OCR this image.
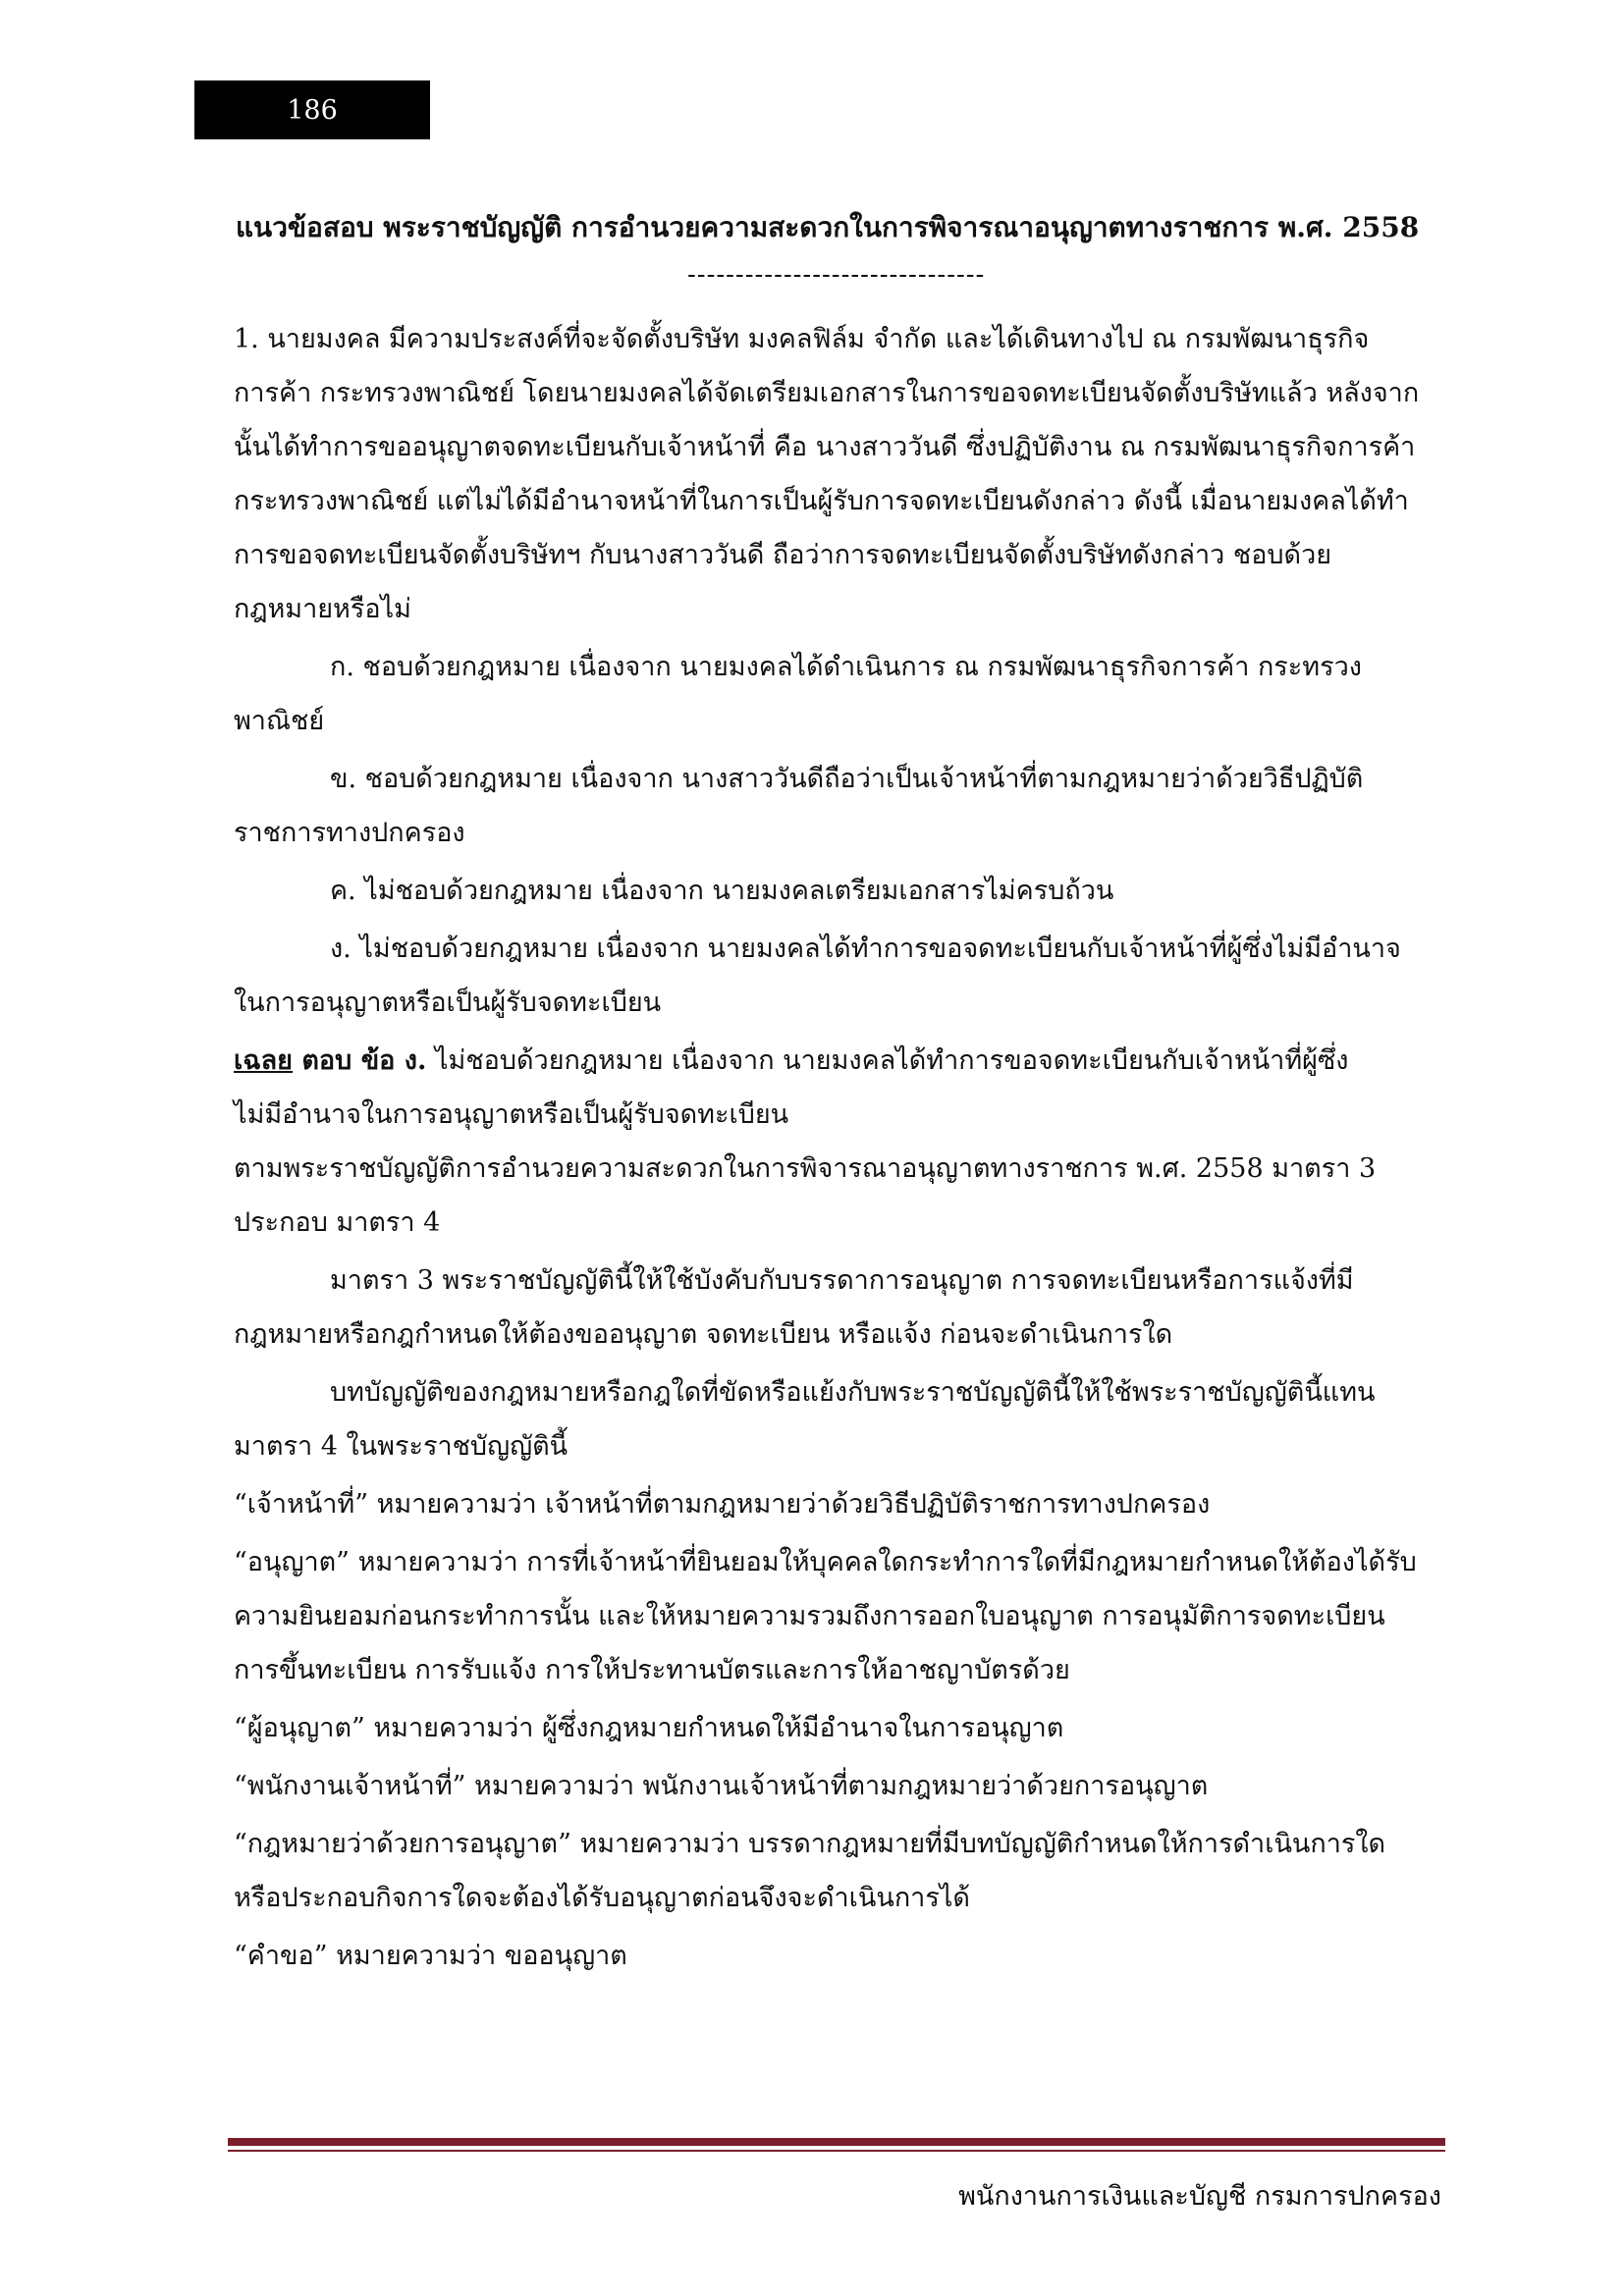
186
แนวข้อสอบ พระราชบัญญัติ การอำนวยความสะดวกในการพิจารณาอนุญาตทางราชการ พ.ศ. 2558
-------------------------------

1. นายมงคล มีความประสงค์ที่จะจัดตั้งบริษัท มงคลฟิล์ม จำกัด และได้เดินทางไป ณ กรมพัฒนาธุรกิจ

การค้า กระทรวงพาณิชย์ โดยนายมงคลได้จัดเตรียมเอกสารในการขอจดทะเบียนจัดตั้งบริษัทแล้ว หลังจาก

นั้นได้ทำการขออนุญาตจดทะเบียนกับเจ้าหน้าที่ คือ นางสาววันดี ซึ่งปฏิบัติงาน ณ กรมพัฒนาธุรกิจการค้า

กระทรวงพาณิชย์ แต่ไม่ได้มีอำนาจหน้าที่ในการเป็นผู้รับการจดทะเบียนดังกล่าว ดังนี้ เมื่อนายมงคลได้ทำ

การขอจดทะเบียนจัดตั้งบริษัทฯ กับนางสาววันดี ถือว่าการจดทะเบียนจัดตั้งบริษัทดังกล่าว ชอบด้วย

กฎหมายหรือไม่

ก. ชอบด้วยกฎหมาย เนื่องจาก นายมงคลได้ดำเนินการ ณ กรมพัฒนาธุรกิจการค้า กระทรวง

พาณิชย์

ข. ชอบด้วยกฎหมาย เนื่องจาก นางสาววันดีถือว่าเป็นเจ้าหน้าที่ตามกฎหมายว่าด้วยวิธีปฏิบัติ

ราชการทางปกครอง

ค. ไม่ชอบด้วยกฎหมาย เนื่องจาก นายมงคลเตรียมเอกสารไม่ครบถ้วน

ง. ไม่ชอบด้วยกฎหมาย เนื่องจาก นายมงคลได้ทำการขอจดทะเบียนกับเจ้าหน้าที่ผู้ซึ่งไม่มีอำนาจ

ในการอนุญาตหรือเป็นผู้รับจดทะเบียน

เฉลย ตอบ ข้อ ง. ไม่ชอบด้วยกฎหมาย เนื่องจาก นายมงคลได้ทำการขอจดทะเบียนกับเจ้าหน้าที่ผู้ซึ่ง

ไม่มีอำนาจในการอนุญาตหรือเป็นผู้รับจดทะเบียน

ตามพระราชบัญญัติการอำนวยความสะดวกในการพิจารณาอนุญาตทางราชการ พ.ศ. 2558 มาตรา 3

ประกอบ มาตรา 4

มาตรา 3 พระราชบัญญัตินี้ให้ใช้บังคับกับบรรดาการอนุญาต การจดทะเบียนหรือการแจ้งที่มี

กฎหมายหรือกฎกำหนดให้ต้องขออนุญาต จดทะเบียน หรือแจ้ง ก่อนจะดำเนินการใด

บทบัญญัติของกฎหมายหรือกฎใดที่ขัดหรือแย้งกับพระราชบัญญัตินี้ให้ใช้พระราชบัญญัตินี้แทน

มาตรา 4 ในพระราชบัญญัตินี้

“เจ้าหน้าที่” หมายความว่า เจ้าหน้าที่ตามกฎหมายว่าด้วยวิธีปฏิบัติราชการทางปกครอง

“อนุญาต” หมายความว่า การที่เจ้าหน้าที่ยินยอมให้บุคคลใดกระทำการใดที่มีกฎหมายกำหนดให้ต้องได้รับ

ความยินยอมก่อนกระทำการนั้น และให้หมายความรวมถึงการออกใบอนุญาต การอนุมัติการจดทะเบียน

การขึ้นทะเบียน การรับแจ้ง การให้ประทานบัตรและการให้อาชญาบัตรด้วย

“ผู้อนุญาต” หมายความว่า ผู้ซึ่งกฎหมายกำหนดให้มีอำนาจในการอนุญาต

“พนักงานเจ้าหน้าที่” หมายความว่า พนักงานเจ้าหน้าที่ตามกฎหมายว่าด้วยการอนุญาต

“กฎหมายว่าด้วยการอนุญาต” หมายความว่า บรรดากฎหมายที่มีบทบัญญัติกำหนดให้การดำเนินการใด

หรือประกอบกิจการใดจะต้องได้รับอนุญาตก่อนจึงจะดำเนินการได้

“คำขอ” หมายความว่า ขออนุญาต

พนักงานการเงินและบัญชี กรมการปกครอง
